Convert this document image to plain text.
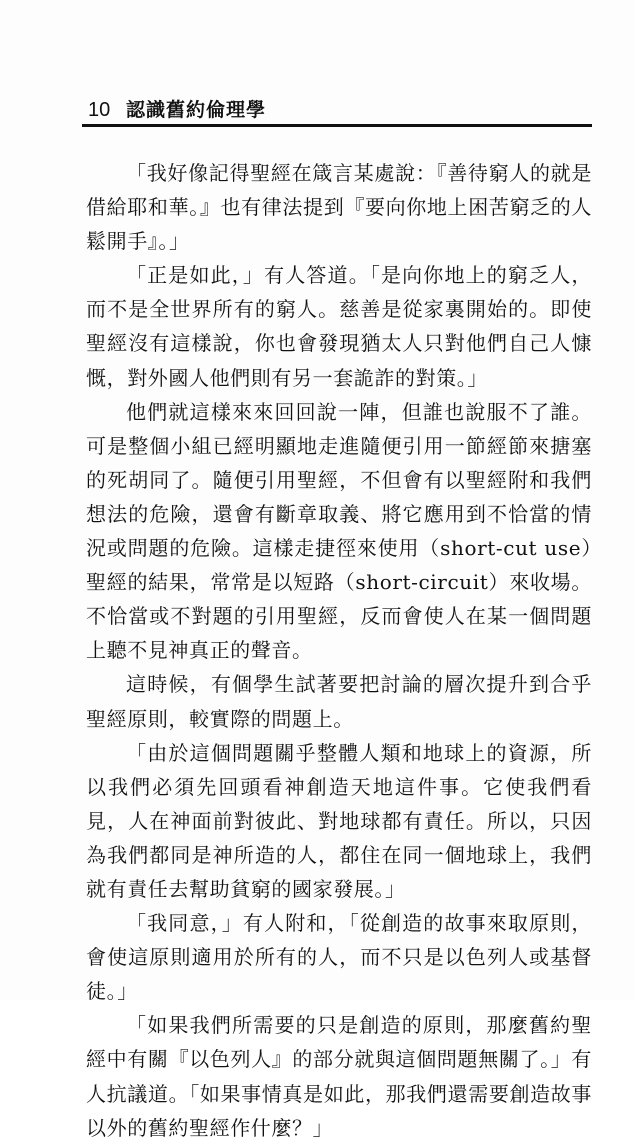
10 認識舊約倫理學

「我好像記得聖經在箴言某處說：『善待窮人的就是借給耶和華。』也有律法提到『要向你地上困苦窮乏的人鬆開手』。」

「正是如此，」有人答道。「是向你地上的窮乏人，而不是全世界所有的窮人。慈善是從家裏開始的。即使聖經沒有這樣說，你也會發現猶太人只對他們自己人慷慨，對外國人他們則有另一套詭詐的對策。」

他們就這樣來來回回說一陣，但誰也說服不了誰。可是整個小組已經明顯地走進隨便引用一節經節來搪塞的死胡同了。隨便引用聖經，不但會有以聖經附和我們想法的危險，還會有斷章取義、將它應用到不恰當的情況或問題的危險。這樣走捷徑來使用（short-cut use）聖經的結果，常常是以短路（short-circuit）來收場。不恰當或不對題的引用聖經，反而會使人在某一個問題上聽不見神真正的聲音。

這時候，有個學生試著要把討論的層次提升到合乎聖經原則，較實際的問題上。

「由於這個問題關乎整體人類和地球上的資源，所以我們必須先回頭看神創造天地這件事。它使我們看見，人在神面前對彼此、對地球都有責任。所以，只因為我們都同是神所造的人，都住在同一個地球上，我們就有責任去幫助貧窮的國家發展。」

「我同意，」有人附和，「從創造的故事來取原則，會使這原則適用於所有的人，而不只是以色列人或基督徒。」

「如果我們所需要的只是創造的原則，那麼舊約聖經中有關『以色列人』的部分就與這個問題無關了。」有人抗議道。「如果事情真是如此，那我們還需要創造故事以外的舊約聖經作什麼？」
